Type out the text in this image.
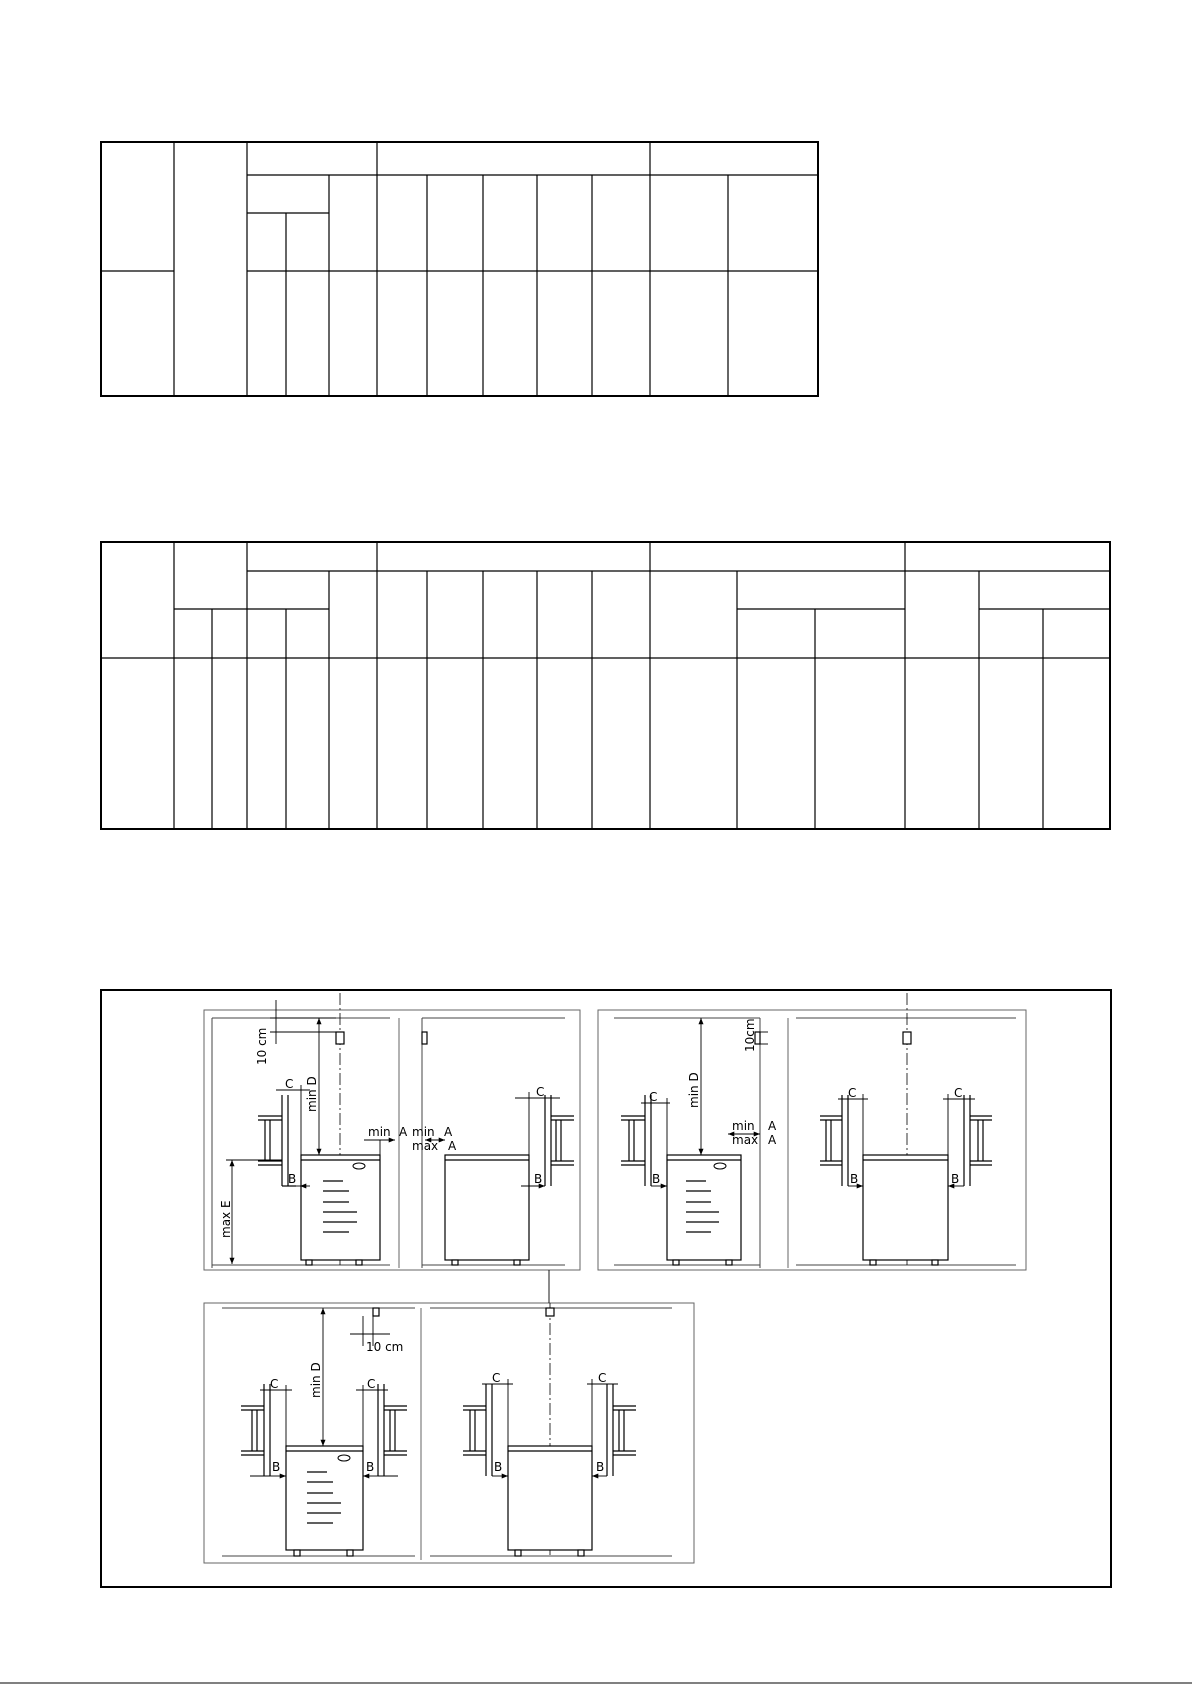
min D
10 cm
max E
C
B
min A
C
B
min A
max A
min D
10cm
C
B
min A
max A
C	C
B	B
min D
10 cm
C	C
B	B
C	C
B	B
